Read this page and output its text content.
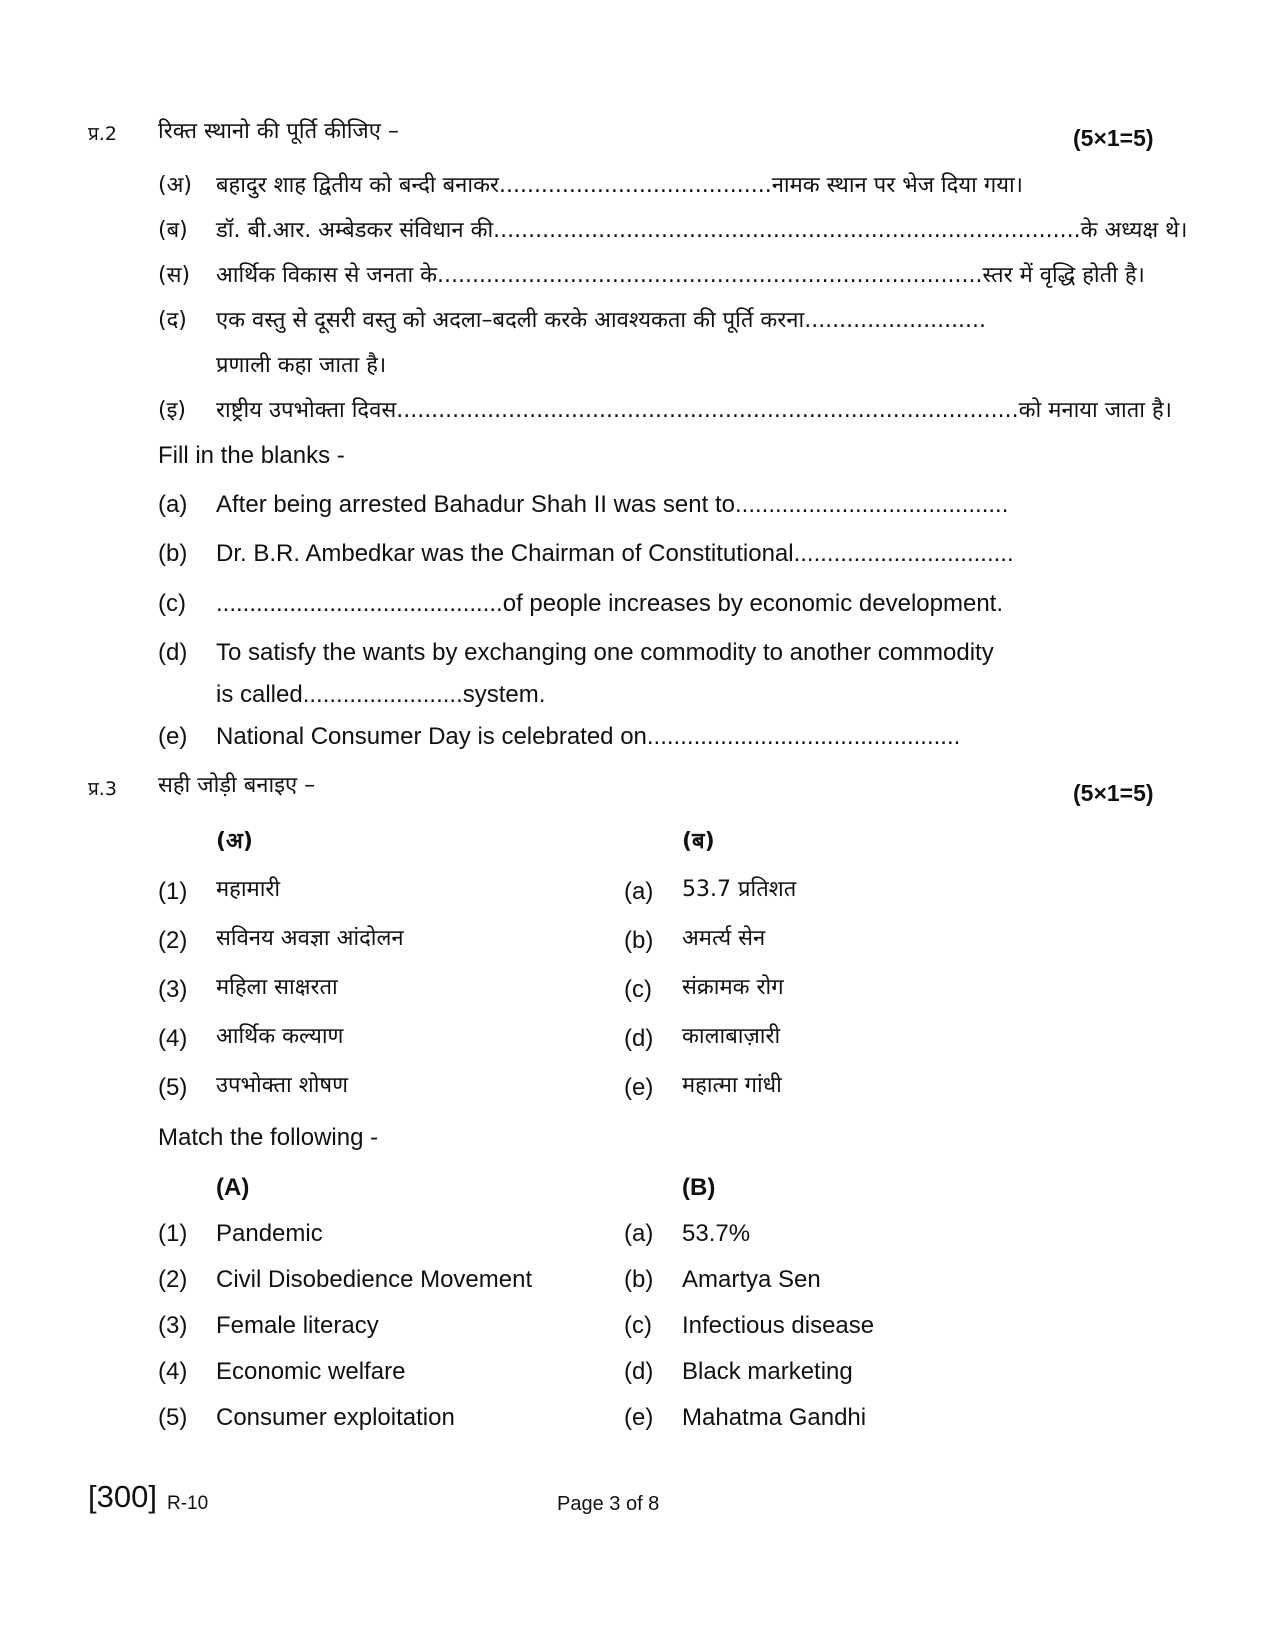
प्र.2 रिक्त स्थानो की पूर्ति कीजिए –	(5×1=5)
(अ) बहादुर शाह द्वितीय को बन्दी बनाकर.......................................नामक स्थान पर भेज दिया गया।
(ब) डॉ. बी.आर. अम्बेडकर संविधान की....................................................................................के अध्यक्ष थे।
(स) आर्थिक विकास से जनता के..............................................................................स्तर में वृद्धि होती है।
(द) एक वस्तु से दूसरी वस्तु को अदला–बदली करके आवश्यकता की पूर्ति करना..........................
प्रणाली कहा जाता है।
(इ) राष्ट्रीय उपभोक्ता दिवस.........................................................................................को मनाया जाता है।
Fill in the blanks -
(a) After being arrested Bahadur Shah II was sent to.........................................
(b) Dr. B.R. Ambedkar was the Chairman of Constitutional.................................
(c) ...........................................of people increases by economic development.
(d) To satisfy the wants by exchanging one commodity to another commodity
is called........................system.
(e) National Consumer Day is celebrated on...............................................
प्र.3 सही जोड़ी बनाइए –	(5×1=5)
(अ)	(ब)
(1) महामारी	(a) 53.7 प्रतिशत
(2) सविनय अवज्ञा आंदोलन	(b) अमर्त्य सेन
(3) महिला साक्षरता	(c) संक्रामक रोग
(4) आर्थिक कल्याण	(d) कालाबाज़ारी
(5) उपभोक्ता शोषण	(e) महात्मा गांधी
Match the following -
(A)	(B)
(1) Pandemic	(a) 53.7%
(2) Civil Disobedience Movement	(b) Amartya Sen
(3) Female literacy	(c) Infectious disease
(4) Economic welfare	(d) Black marketing
(5) Consumer exploitation	(e) Mahatma Gandhi
[300] R-10	Page 3 of 8
